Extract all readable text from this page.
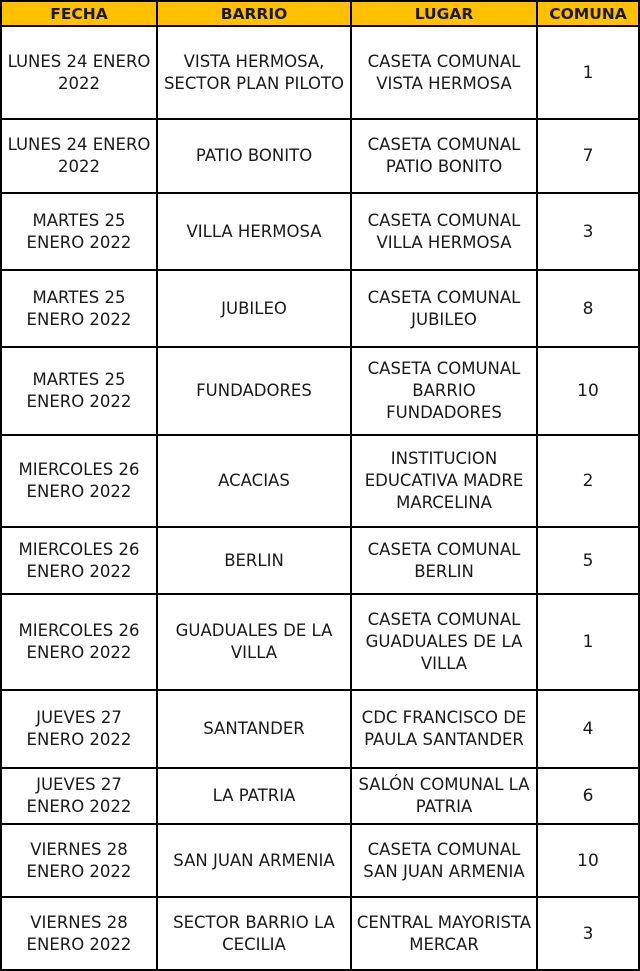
FECHA	BARRIO	LUGAR	COMUNA
LUNES 24 ENERO 2022	VISTA HERMOSA, SECTOR PLAN PILOTO	CASETA COMUNAL VISTA HERMOSA	1
LUNES 24 ENERO 2022	PATIO BONITO	CASETA COMUNAL PATIO BONITO	7
MARTES 25 ENERO 2022	VILLA HERMOSA	CASETA COMUNAL VILLA HERMOSA	3
MARTES 25 ENERO 2022	JUBILEO	CASETA COMUNAL JUBILEO	8
MARTES 25 ENERO 2022	FUNDADORES	CASETA COMUNAL BARRIO FUNDADORES	10
MIERCOLES 26 ENERO 2022	ACACIAS	INSTITUCION EDUCATIVA MADRE MARCELINA	2
MIERCOLES 26 ENERO 2022	BERLIN	CASETA COMUNAL BERLIN	5
MIERCOLES 26 ENERO 2022	GUADUALES DE LA VILLA	CASETA COMUNAL GUADUALES DE LA VILLA	1
JUEVES 27 ENERO 2022	SANTANDER	CDC FRANCISCO DE PAULA SANTANDER	4
JUEVES 27 ENERO 2022	LA PATRIA	SALÓN COMUNAL LA PATRIA	6
VIERNES 28 ENERO 2022	SAN JUAN ARMENIA	CASETA COMUNAL SAN JUAN ARMENIA	10
VIERNES 28 ENERO 2022	SECTOR BARRIO LA CECILIA	CENTRAL MAYORISTA MERCAR	3
